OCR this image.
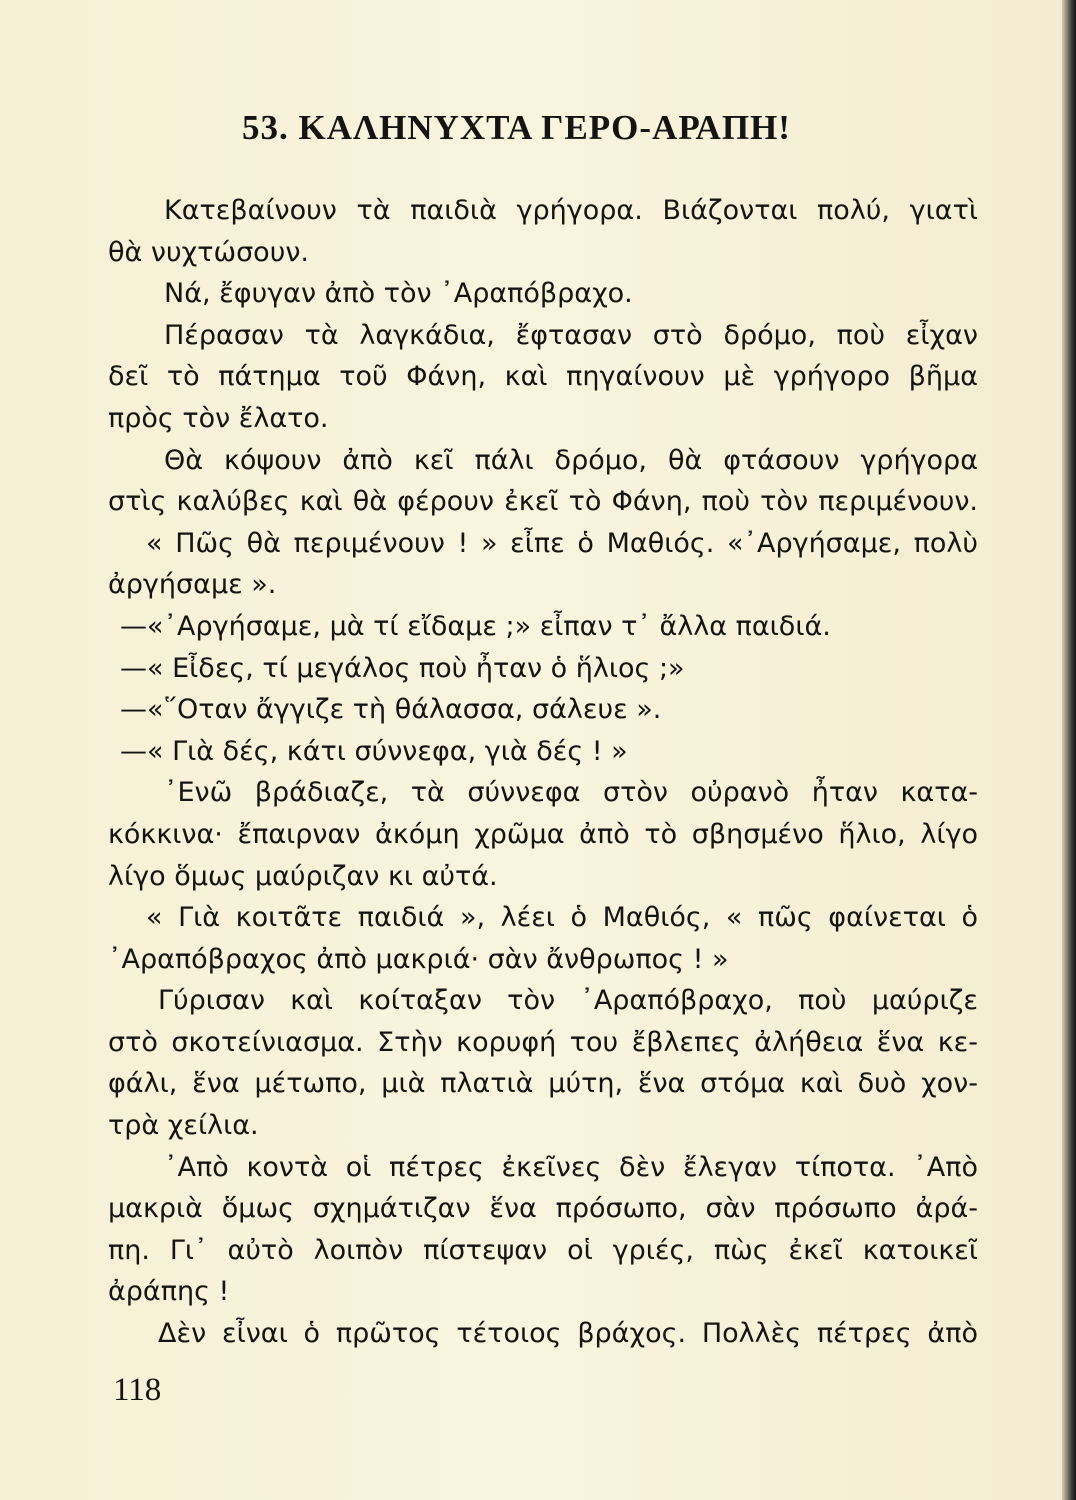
53. ΚΑΛΗΝΥΧΤΑ ΓΕΡΟ-ΑΡΑΠΗ!
Κατεβαίνουν τὰ παιδιὰ γρήγορα. Βιάζονται πολύ, γιατὶ
θὰ νυχτώσουν.
Νά, ἔφυγαν ἀπὸ τὸν ᾿Αραπόβραχο.
Πέρασαν τὰ λαγκάδια, ἔφτασαν στὸ δρόμο, ποὺ εἶχαν
δεῖ τὸ πάτημα τοῦ Φάνη, καὶ πηγαίνουν μὲ γρήγορο βῆμα
πρὸς τὸν ἔλατο.
Θὰ κόψουν ἀπὸ κεῖ πάλι δρόμο, θὰ φτάσουν γρήγορα
στὶς καλύβες καὶ θὰ φέρουν ἐκεῖ τὸ Φάνη, ποὺ τὸν περιμένουν.
« Πῶς θὰ περιμένουν ! » εἶπε ὁ Μαθιός. «᾿Αργήσαμε, πολὺ
ἀργήσαμε ».
—«᾿Αργήσαμε, μὰ τί εἴδαμε ;» εἶπαν τ᾿ ἄλλα παιδιά.
—« Εἶδες, τί μεγάλος ποὺ ἦταν ὁ ἥλιος ;»
—«῞Οταν ἄγγιζε τὴ θάλασσα, σάλευε ».
—« Γιὰ δές, κάτι σύννεφα, γιὰ δές ! »
᾿Ενῶ βράδιαζε, τὰ σύννεφα στὸν οὐρανὸ ἦταν κατα-
κόκκινα· ἔπαιρναν ἀκόμη χρῶμα ἀπὸ τὸ σβησμένο ἥλιο, λίγο
λίγο ὅμως μαύριζαν κι αὐτά.
« Γιὰ κοιτᾶτε παιδιά », λέει ὁ Μαθιός, « πῶς φαίνεται ὁ
᾿Αραπόβραχος ἀπὸ μακριά· σὰν ἄνθρωπος ! »
Γύρισαν καὶ κοίταξαν τὸν ᾿Αραπόβραχο, ποὺ μαύριζε
στὸ σκοτείνιασμα. Στὴν κορυφή του ἔβλεπες ἀλήθεια ἕνα κε-
φάλι, ἕνα μέτωπο, μιὰ πλατιὰ μύτη, ἕνα στόμα καὶ δυὸ χον-
τρὰ χείλια.
᾿Απὸ κοντὰ οἱ πέτρες ἐκεῖνες δὲν ἔλεγαν τίποτα. ᾿Απὸ
μακριὰ ὅμως σχημάτιζαν ἕνα πρόσωπο, σὰν πρόσωπο ἀρά-
πη. Γι᾿ αὐτὸ λοιπὸν πίστεψαν οἱ γριές, πὼς ἐκεῖ κατοικεῖ
ἀράπης !
Δὲν εἶναι ὁ πρῶτος τέτοιος βράχος. Πολλὲς πέτρες ἀπὸ
118
